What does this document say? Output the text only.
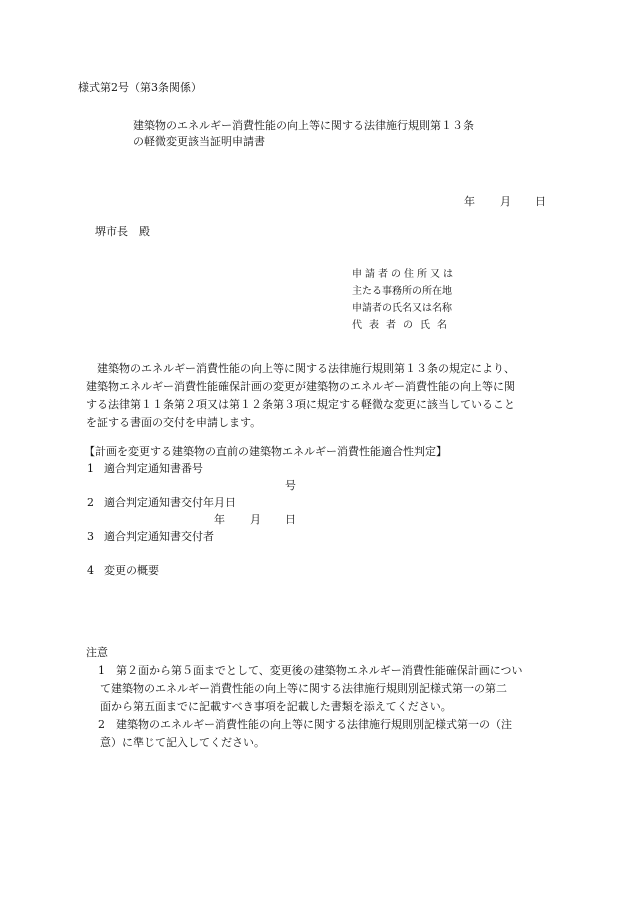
様式第2号（第3条関係）
建築物のエネルギー消費性能の向上等に関する法律施行規則第１３条
の軽微変更該当証明申請書
年 月 日
堺市長　殿
申請者の住所又は
主たる事務所の所在地
申請者の氏名又は名称
代表者の氏名
建築物のエネルギー消費性能の向上等に関する法律施行規則第１３条の規定により、
建築物エネルギー消費性能確保計画の変更が建築物のエネルギー消費性能の向上等に関
する法律第１１条第２項又は第１２条第３項に規定する軽微な変更に該当していること
を証する書面の交付を申請します。
【計画を変更する建築物の直前の建築物エネルギー消費性能適合性判定】
1 適合判定通知書番号
号
2 適合判定通知書交付年月日
年 月 日
3 適合判定通知書交付者
4 変更の概要
注意
1　第２面から第５面までとして、変更後の建築物エネルギー消費性能確保計画につい
て建築物のエネルギー消費性能の向上等に関する法律施行規則別記様式第一の第二
面から第五面までに記載すべき事項を記載した書類を添えてください。
2　建築物のエネルギー消費性能の向上等に関する法律施行規則別記様式第一の（注
意）に準じて記入してください。
